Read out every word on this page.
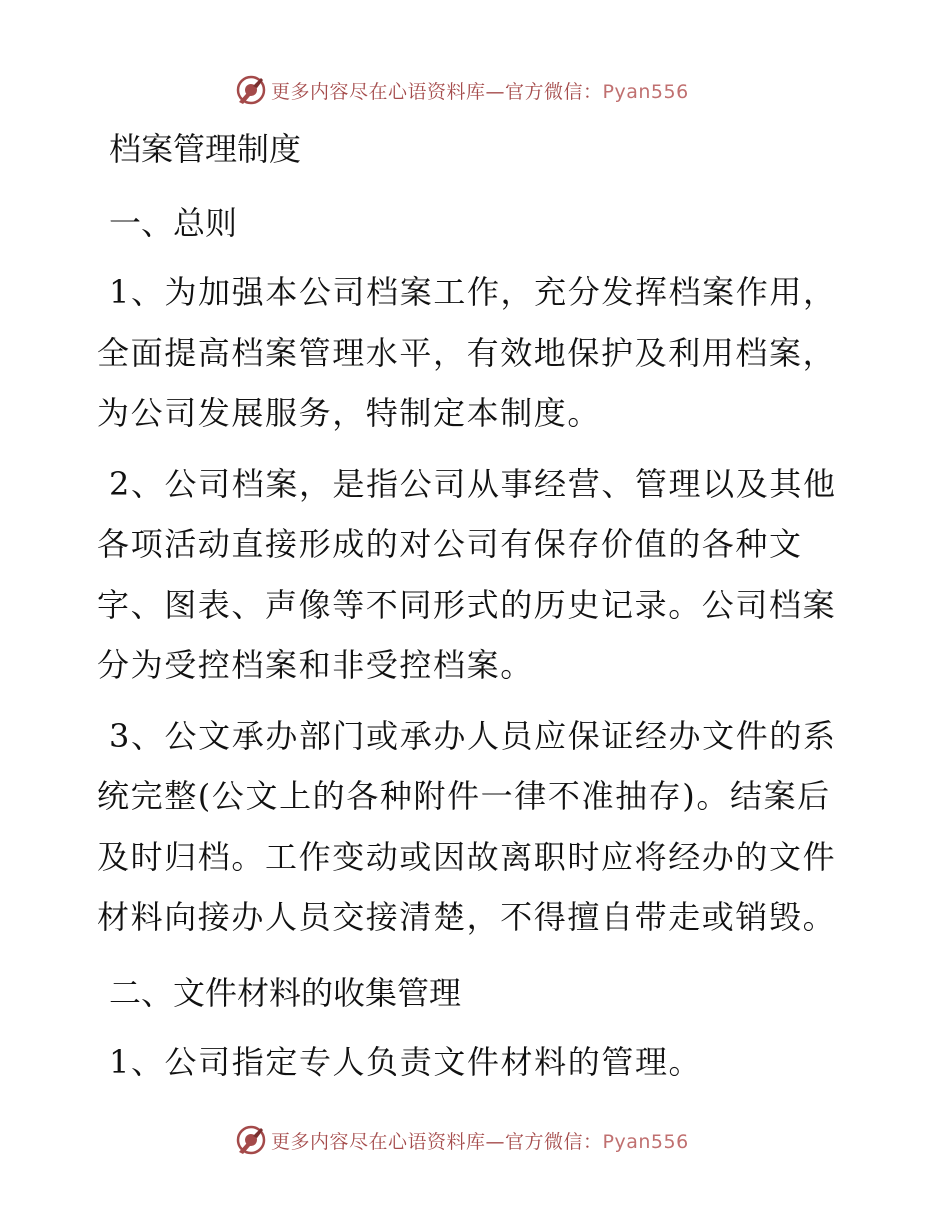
更多内容尽在心语资料库—官方微信：Pyan556
档案管理制度
一、总则

1、为加强本公司档案工作，充分发挥档案作用，全面提高档案管理水平，有效地保护及利用档案，为公司发展服务，特制定本制度。

2、公司档案，是指公司从事经营、管理以及其他各项活动直接形成的对公司有保存价值的各种文字、图表、声像等不同形式的历史记录。公司档案分为受控档案和非受控档案。

3、公文承办部门或承办人员应保证经办文件的系统完整(公文上的各种附件一律不准抽存)。结案后及时归档。工作变动或因故离职时应将经办的文件材料向接办人员交接清楚，不得擅自带走或销毁。

二、文件材料的收集管理

1、公司指定专人负责文件材料的管理。

更多内容尽在心语资料库—官方微信：Pyan556
